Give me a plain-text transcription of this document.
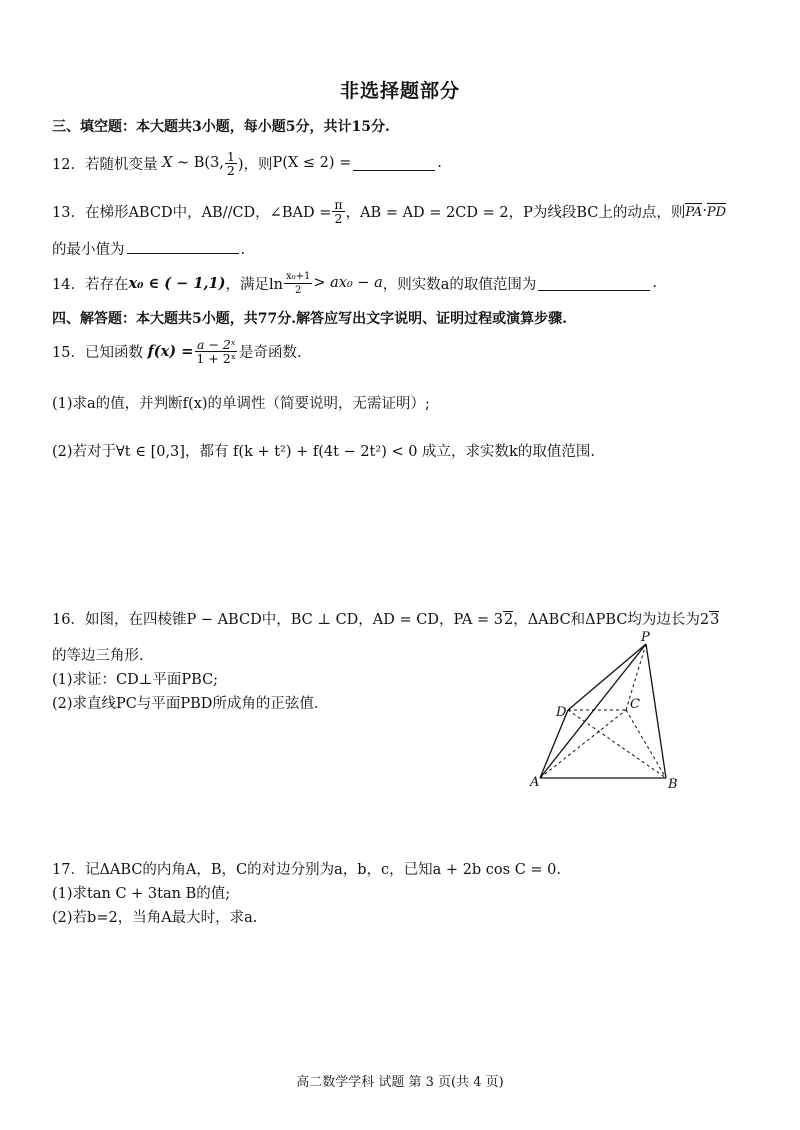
非选择题部分
三、填空题：本大题共3小题，每小题5分，共计15分.
12． 若随机变量
X
~ B(3, $\frac{1}{2}$ )，则 P(X ≤ 2) =	.
13．在梯形ABCD中，AB//CD，∠BAD = $\frac{\pi}{2}$ ，AB = AD = 2CD = 2，P为线段BC上的动点，则 PA · PD
的最小值为	.
14．若存在 x₀ ∈ ( − 1,1) ，满足$\ln \frac{\text{x₀+1}}{2} > ax_0 - a$ ，则实数a的取值范围为	.
四、解答题：本大题共5小题，共77分.解答应写出文字说明、证明过程或演算步骤.
15．已知函数
$f(x) = \frac{\text{a − 2ˣ}}{\text{1 + 2ˣ}}$ 是奇函数.
(1)求a的值，并判断f(x)的单调性（简要说明，无需证明）;
(2)若对于∀t ∈ [0,3]，都有 f(k + t²) + f(4t − 2t²) < 0 成立，求实数k的取值范围.
16．如图，在四棱锥P − ABCD中，BC ⊥ CD，AD = CD，PA = 32，ΔABC和ΔPBC均为边长为23
的等边三角形.
(1)求证：CD⊥平面PBC;
(2)求直线PC与平面PBD所成角的正弦值.
P
D
C
A	B
17．记ΔABC的内角A，B，C的对边分别为a，b，c，已知a + 2b cos C = 0.
(1)求tan C + 3tan B的值;
(2)若b=2，当角A最大时，求a.
高二数学学科 试题 第 3 页(共 4 页)
